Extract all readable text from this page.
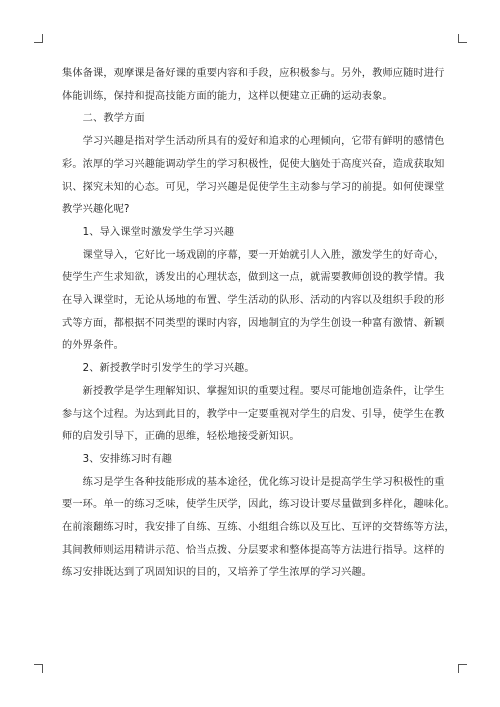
集体备课，观摩课是备好课的重要内容和手段，应积极参与。另外，教师应随时进行
体能训练，保持和提高技能方面的能力，这样以便建立正确的运动表象。
　　二、教学方面
　　学习兴趣是指对学生活动所具有的爱好和追求的心理倾向，它带有鲜明的感情色
彩。浓厚的学习兴趣能调动学生的学习积极性，促使大脑处于高度兴奋，造成获取知
识、探究未知的心态。可见，学习兴趣是促使学生主动参与学习的前提。如何使课堂
教学兴趣化呢?
　　1、导入课堂时激发学生学习兴趣
　　课堂导入，它好比一场戏剧的序幕，要一开始就引人入胜，激发学生的好奇心，
使学生产生求知欲，诱发出的心理状态，做到这一点，就需要教师创设的教学情。我
在导入课堂时，无论从场地的布置、学生活动的队形、活动的内容以及组织手段的形
式等方面，都根据不同类型的课时内容，因地制宜的为学生创设一种富有激情、新颖
的外界条件。
　　2、新授教学时引发学生的学习兴趣。
　　新授教学是学生理解知识、掌握知识的重要过程。要尽可能地创造条件，让学生
参与这个过程。为达到此目的，教学中一定要重视对学生的启发、引导，使学生在教
师的启发引导下，正确的思维，轻松地接受新知识。
　　3、安排练习时有趣
　　练习是学生各种技能形成的基本途径，优化练习设计是提高学生学习积极性的重
要一环。单一的练习乏味，使学生厌学，因此，练习设计要尽量做到多样化，趣味化。
在前滚翻练习时，我安排了自练、互练、小组组合练以及互比、互评的交替练等方法，
其间教师则运用精讲示范、恰当点拨、分层要求和整体提高等方法进行指导。这样的
练习安排既达到了巩固知识的目的，又培养了学生浓厚的学习兴趣。
